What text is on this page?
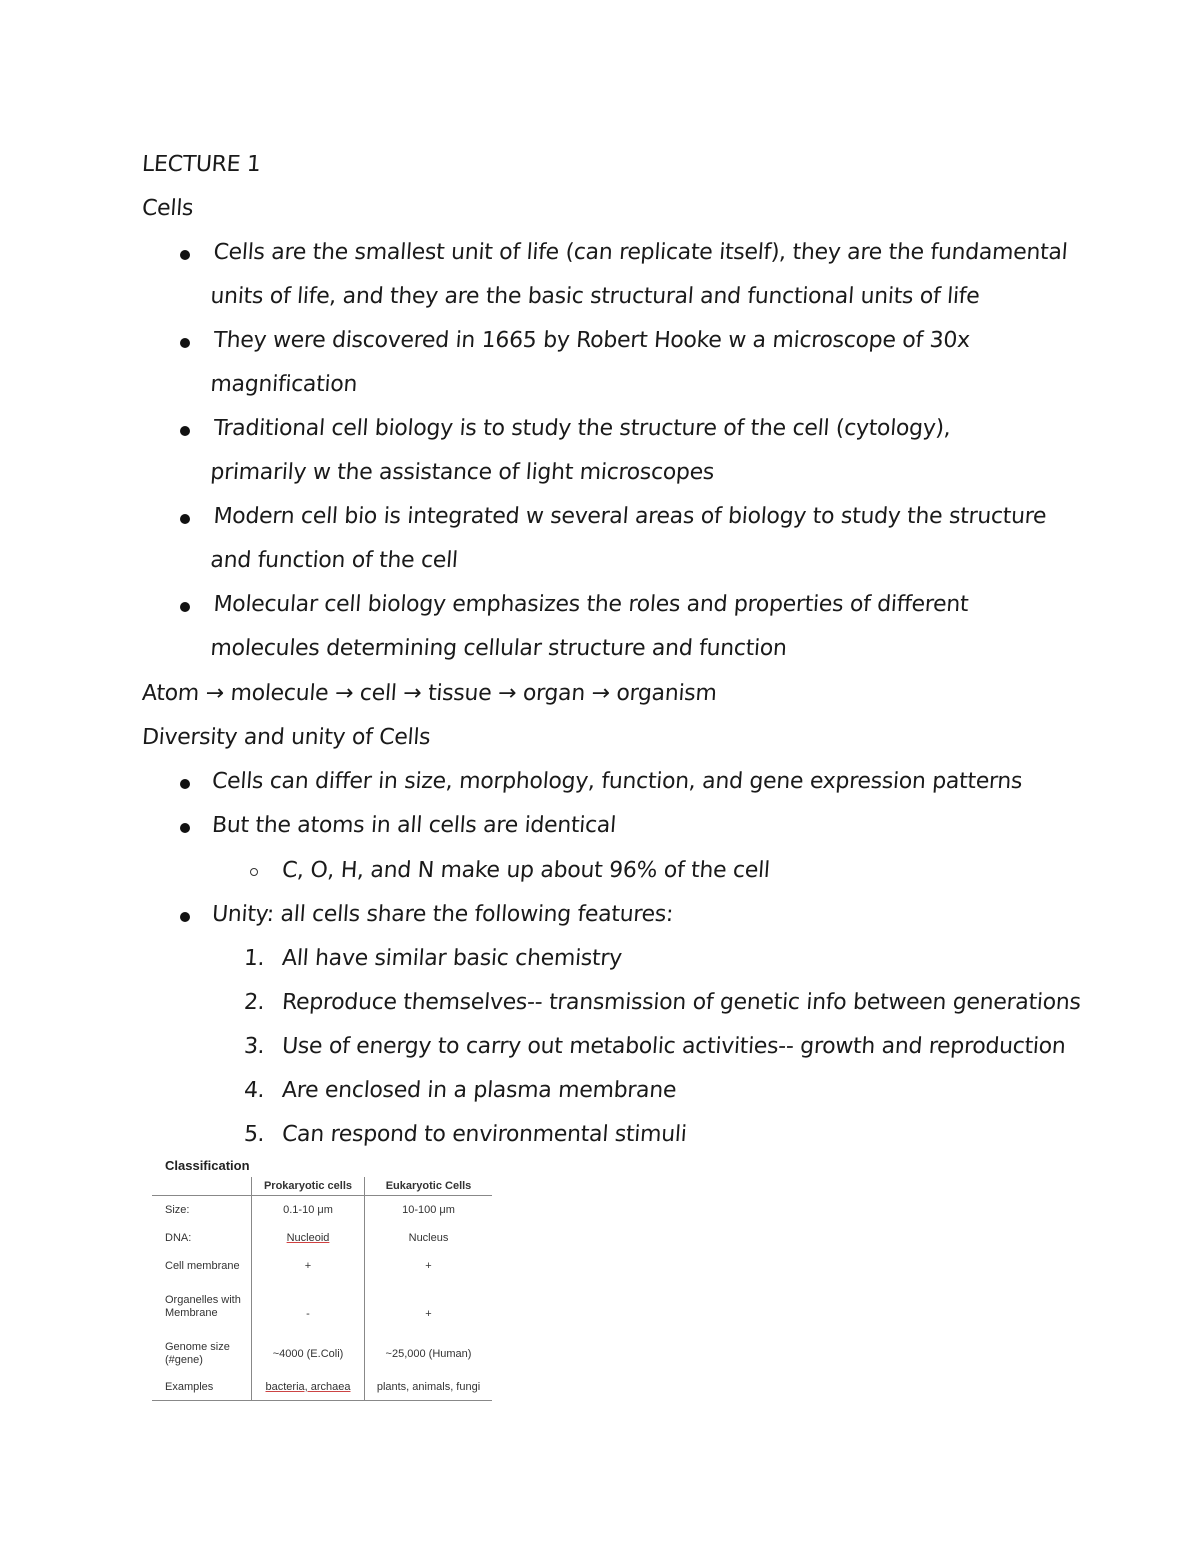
LECTURE 1
Cells
Cells are the smallest unit of life (can replicate itself), they are the fundamental units of life, and they are the basic structural and functional units of life
They were discovered in 1665 by Robert Hooke w a microscope of 30x magnification
Traditional cell biology is to study the structure of the cell (cytology), primarily w the assistance of light microscopes
Modern cell bio is integrated w several areas of biology to study the structure and function of the cell
Molecular cell biology emphasizes the roles and properties of different molecules determining cellular structure and function
Atom → molecule → cell → tissue → organ → organism
Diversity and unity of Cells
Cells can differ in size, morphology, function, and gene expression patterns
But the atoms in all cells are identical
C, O, H, and N make up about 96% of the cell
Unity: all cells share the following features:
1. All have similar basic chemistry
2. Reproduce themselves-- transmission of genetic info between generations
3. Use of energy to carry out metabolic activities-- growth and reproduction
4. Are enclosed in a plasma membrane
5. Can respond to environmental stimuli
Classification
	Prokaryotic cells	Eukaryotic Cells
Size:	0.1-10 μm	10-100 μm
DNA:	Nucleoid	Nucleus
Cell membrane	+	+
Organelles with Membrane	-	+
Genome size (#gene)	~4000 (E.Coli)	~25,000 (Human)
Examples	bacteria, archaea	plants, animals, fungi
